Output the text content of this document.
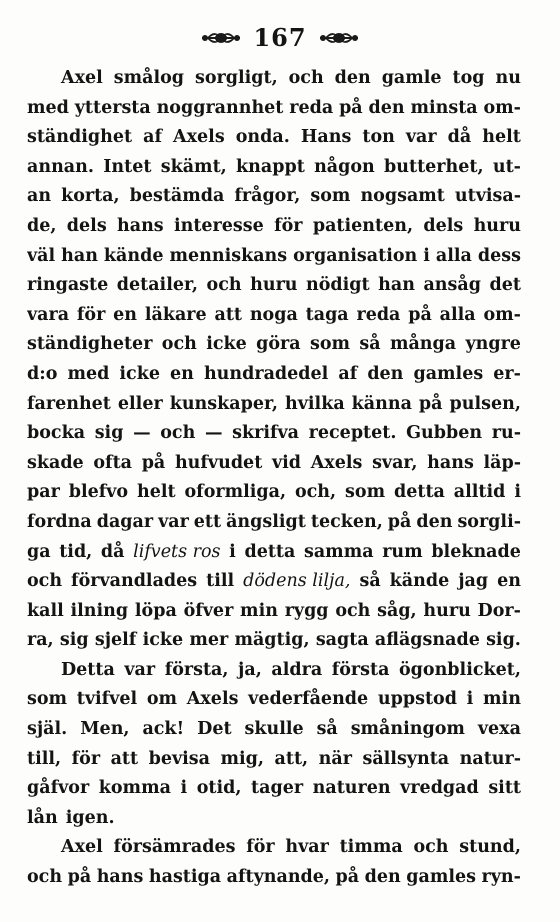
167
Axel smålog sorgligt, och den gamle tog nu
med yttersta noggrannhet reda på den minsta om-
ständighet af Axels onda. Hans ton var då helt
annan. Intet skämt, knappt någon butterhet, ut-
an korta, bestämda frågor, som nogsamt utvisa-
de, dels hans interesse för patienten, dels huru
väl han kände menniskans organisation i alla dess
ringaste detailer, och huru nödigt han ansåg det
vara för en läkare att noga taga reda på alla om-
ständigheter och icke göra som så många yngre
d:o med icke en hundradedel af den gamles er-
farenhet eller kunskaper, hvilka känna på pulsen,
bocka sig — och — skrifva receptet. Gubben ru-
skade ofta på hufvudet vid Axels svar, hans läp-
par blefvo helt oformliga, och, som detta alltid i
fordna dagar var ett ängsligt tecken, på den sorgli-
ga tid, då lifvets ros i detta samma rum bleknade
och förvandlades till dödens lilja, så kände jag en
kall ilning löpa öfver min rygg och såg, huru Dor-
ra, sig sjelf icke mer mägtig, sagta aflägsnade sig.
Detta var första, ja, aldra första ögonblicket,
som tvifvel om Axels vederfående uppstod i min
själ. Men, ack! Det skulle så småningom vexa
till, för att bevisa mig, att, när sällsynta natur-
gåfvor komma i otid, tager naturen vredgad sitt
lån igen.
Axel försämrades för hvar timma och stund,
och på hans hastiga aftynande, på den gamles ryn-
